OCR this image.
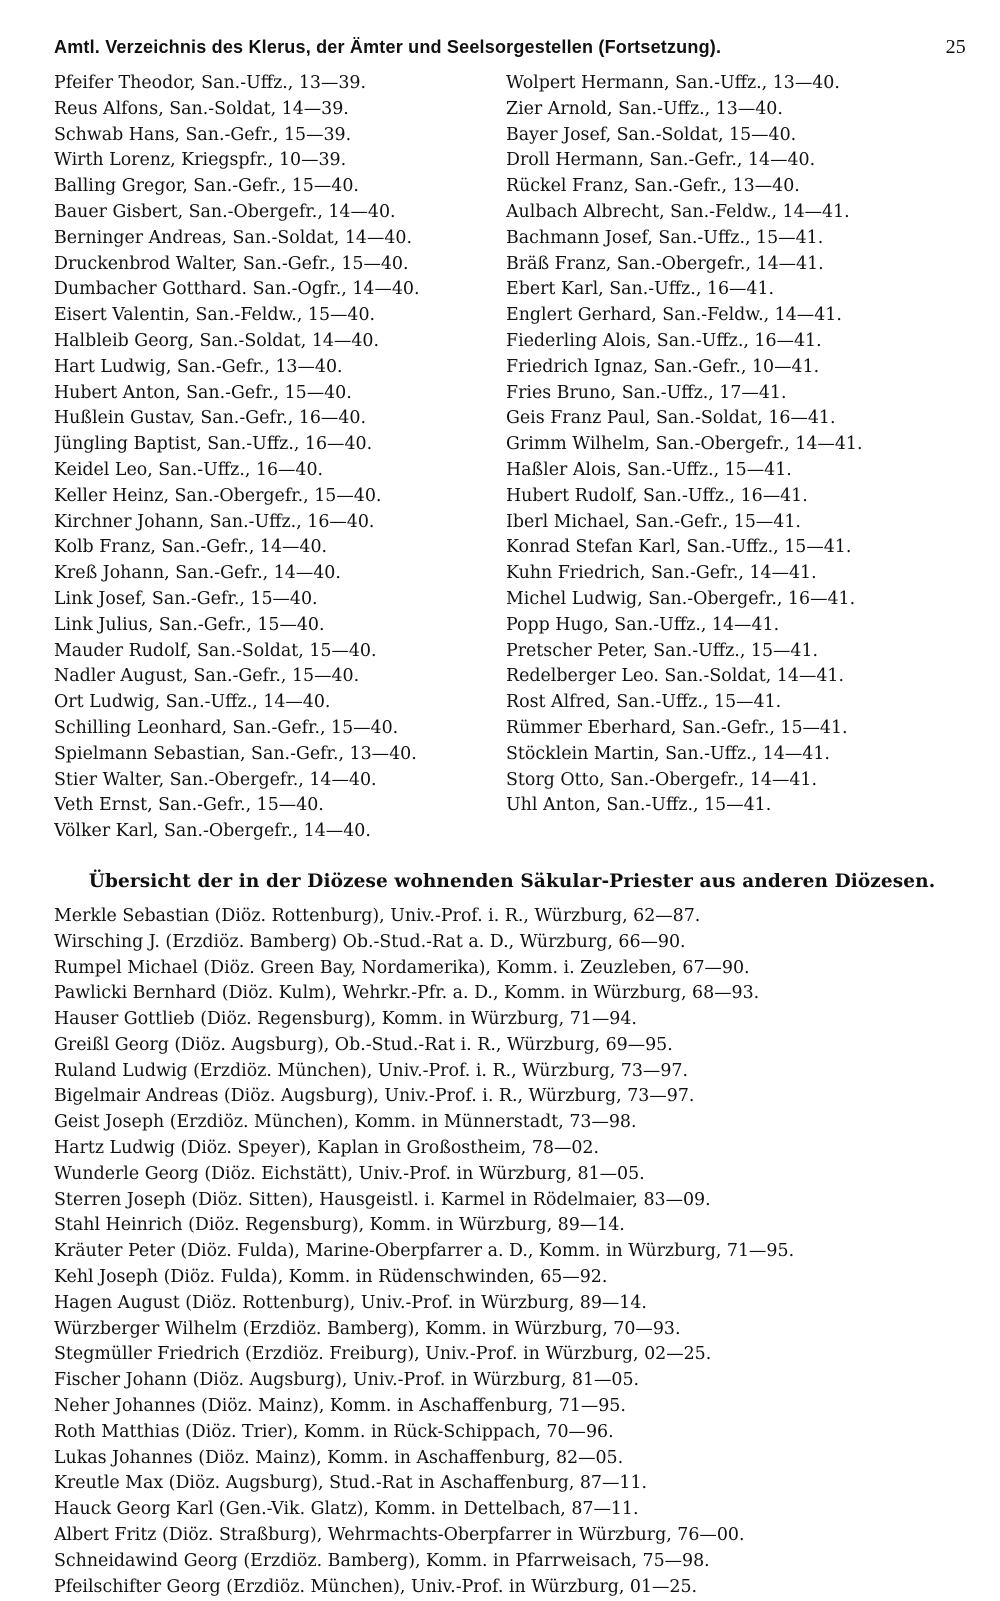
Amtl. Verzeichnis des Klerus, der Ämter und Seelsorgestellen (Fortsetzung).	25
Pfeifer Theodor, San.-Uffz., 13—39.
Reus Alfons, San.-Soldat, 14—39.
Schwab Hans, San.-Gefr., 15—39.
Wirth Lorenz, Kriegspfr., 10—39.
Balling Gregor, San.-Gefr., 15—40.
Bauer Gisbert, San.-Obergefr., 14—40.
Berninger Andreas, San.-Soldat, 14—40.
Druckenbrod Walter, San.-Gefr., 15—40.
Dumbacher Gotthard. San.-Ogfr., 14—40.
Eisert Valentin, San.-Feldw., 15—40.
Halbleib Georg, San.-Soldat, 14—40.
Hart Ludwig, San.-Gefr., 13—40.
Hubert Anton, San.-Gefr., 15—40.
Hußlein Gustav, San.-Gefr., 16—40.
Jüngling Baptist, San.-Uffz., 16—40.
Keidel Leo, San.-Uffz., 16—40.
Keller Heinz, San.-Obergefr., 15—40.
Kirchner Johann, San.-Uffz., 16—40.
Kolb Franz, San.-Gefr., 14—40.
Kreß Johann, San.-Gefr., 14—40.
Link Josef, San.-Gefr., 15—40.
Link Julius, San.-Gefr., 15—40.
Mauder Rudolf, San.-Soldat, 15—40.
Nadler August, San.-Gefr., 15—40.
Ort Ludwig, San.-Uffz., 14—40.
Schilling Leonhard, San.-Gefr., 15—40.
Spielmann Sebastian, San.-Gefr., 13—40.
Stier Walter, San.-Obergefr., 14—40.
Veth Ernst, San.-Gefr., 15—40.
Völker Karl, San.-Obergefr., 14—40.
Wolpert Hermann, San.-Uffz., 13—40.
Zier Arnold, San.-Uffz., 13—40.
Bayer Josef, San.-Soldat, 15—40.
Droll Hermann, San.-Gefr., 14—40.
Rückel Franz, San.-Gefr., 13—40.
Aulbach Albrecht, San.-Feldw., 14—41.
Bachmann Josef, San.-Uffz., 15—41.
Bräß Franz, San.-Obergefr., 14—41.
Ebert Karl, San.-Uffz., 16—41.
Englert Gerhard, San.-Feldw., 14—41.
Fiederling Alois, San.-Uffz., 16—41.
Friedrich Ignaz, San.-Gefr., 10—41.
Fries Bruno, San.-Uffz., 17—41.
Geis Franz Paul, San.-Soldat, 16—41.
Grimm Wilhelm, San.-Obergefr., 14—41.
Haßler Alois, San.-Uffz., 15—41.
Hubert Rudolf, San.-Uffz., 16—41.
Iberl Michael, San.-Gefr., 15—41.
Konrad Stefan Karl, San.-Uffz., 15—41.
Kuhn Friedrich, San.-Gefr., 14—41.
Michel Ludwig, San.-Obergefr., 16—41.
Popp Hugo, San.-Uffz., 14—41.
Pretscher Peter, San.-Uffz., 15—41.
Redelberger Leo. San.-Soldat, 14—41.
Rost Alfred, San.-Uffz., 15—41.
Rümmer Eberhard, San.-Gefr., 15—41.
Stöcklein Martin, San.-Uffz., 14—41.
Storg Otto, San.-Obergefr., 14—41.
Uhl Anton, San.-Uffz., 15—41.
Übersicht der in der Diözese wohnenden Säkular-Priester aus anderen Diözesen.
Merkle Sebastian (Diöz. Rottenburg), Univ.-Prof. i. R., Würzburg, 62—87.
Wirsching J. (Erzdiöz. Bamberg) Ob.-Stud.-Rat a. D., Würzburg, 66—90.
Rumpel Michael (Diöz. Green Bay, Nordamerika), Komm. i. Zeuzleben, 67—90.
Pawlicki Bernhard (Diöz. Kulm), Wehrkr.-Pfr. a. D., Komm. in Würzburg, 68—93.
Hauser Gottlieb (Diöz. Regensburg), Komm. in Würzburg, 71—94.
Greißl Georg (Diöz. Augsburg), Ob.-Stud.-Rat i. R., Würzburg, 69—95.
Ruland Ludwig (Erzdiöz. München), Univ.-Prof. i. R., Würzburg, 73—97.
Bigelmair Andreas (Diöz. Augsburg), Univ.-Prof. i. R., Würzburg, 73—97.
Geist Joseph (Erzdiöz. München), Komm. in Münnerstadt, 73—98.
Hartz Ludwig (Diöz. Speyer), Kaplan in Großostheim, 78—02.
Wunderle Georg (Diöz. Eichstätt), Univ.-Prof. in Würzburg, 81—05.
Sterren Joseph (Diöz. Sitten), Hausgeistl. i. Karmel in Rödelmaier, 83—09.
Stahl Heinrich (Diöz. Regensburg), Komm. in Würzburg, 89—14.
Kräuter Peter (Diöz. Fulda), Marine-Oberpfarrer a. D., Komm. in Würzburg, 71—95.
Kehl Joseph (Diöz. Fulda), Komm. in Rüdenschwinden, 65—92.
Hagen August (Diöz. Rottenburg), Univ.-Prof. in Würzburg, 89—14.
Würzberger Wilhelm (Erzdiöz. Bamberg), Komm. in Würzburg, 70—93.
Stegmüller Friedrich (Erzdiöz. Freiburg), Univ.-Prof. in Würzburg, 02—25.
Fischer Johann (Diöz. Augsburg), Univ.-Prof. in Würzburg, 81—05.
Neher Johannes (Diöz. Mainz), Komm. in Aschaffenburg, 71—95.
Roth Matthias (Diöz. Trier), Komm. in Rück-Schippach, 70—96.
Lukas Johannes (Diöz. Mainz), Komm. in Aschaffenburg, 82—05.
Kreutle Max (Diöz. Augsburg), Stud.-Rat in Aschaffenburg, 87—11.
Hauck Georg Karl (Gen.-Vik. Glatz), Komm. in Dettelbach, 87—11.
Albert Fritz (Diöz. Straßburg), Wehrmachts-Oberpfarrer in Würzburg, 76—00.
Schneidawind Georg (Erzdiöz. Bamberg), Komm. in Pfarrweisach, 75—98.
Pfeilschifter Georg (Erzdiöz. München), Univ.-Prof. in Würzburg, 01—25.
